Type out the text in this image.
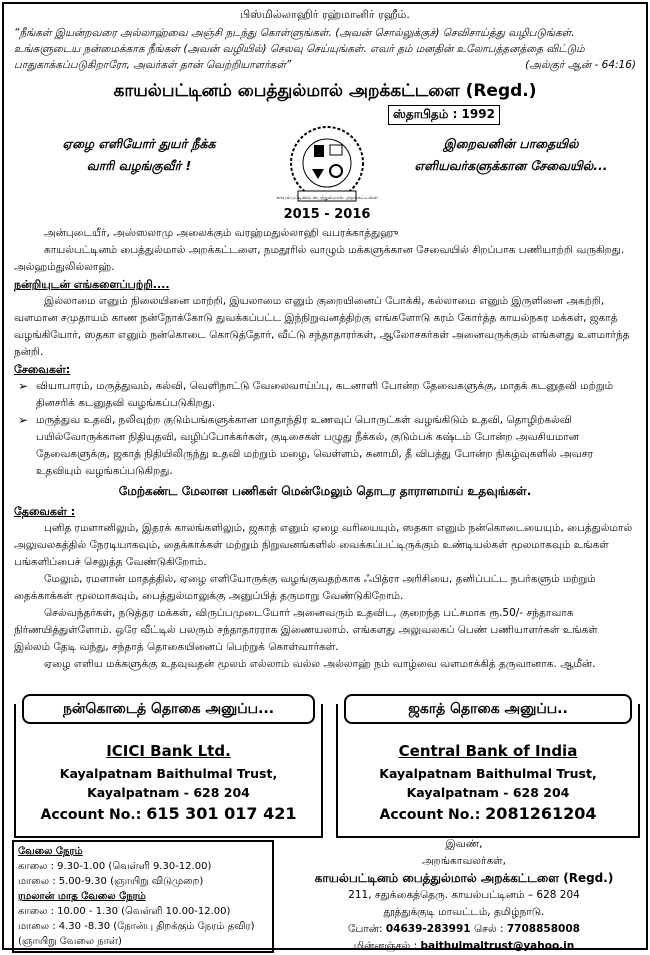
பிஸ்மில்லாஹிர் ரஹ்மானிர் ரஹீம்.
“நீங்கள் இயன்றவரை அல்லாஹ்வை அஞ்சி நடந்து கொள்ளுங்கள். (அவன் சொல்லுக்குச்) செவிசாய்த்து வழிபடுங்கள். உங்களுடைய நன்மைக்காக நீங்கள் (அவன் வழியில்) செலவு செய்யுங்கள். எவர் தம் மனதின் உலோபத்தனத்தை விட்டும் பாதுகாக்கப்படுகிறாரோ, அவர்கள் தான் வெற்றியாளர்கள்”	(அல்குர் ஆன் - 64:16)
காயல்பட்டினம் பைத்துல்மால் அறக்கட்டளை (Regd.)
ஸ்தாபிதம் : 1992
ஏழை எளியோர் துயர் நீக்க
வாரி வழங்குவீர் !
காயல்பட்டினம் பைத்துல்மால் அறக்கட்டளை
இறைவனின் பாதையில்
எளியவர்களுக்கான சேவையில்...
2015 - 2016

அன்புடையீர், அஸ்ஸலாமு அலைக்கும் வரஹ்மதுல்லாஹி வபரக்காத்துஹு

காயல்பட்டினம் பைத்துல்மால் அறக்கட்டளை, நமதூரில் வாழும் மக்களுக்கான சேவையில் சிறப்பாக பணியாற்றி வருகிறது. அல்ஹம்துலில்லாஹ்.

நன்றியுடன் எங்களைப்பற்றி....

இல்லாமை எனும் நிலையினை மாற்றி, இயலாமை எனும் குறையினைப் போக்கி, கல்லாமை எனும் இருளினை அகற்றி, வளமான சமுதாயம் காண நன்நோக்கோடு துவக்கப்பட்ட இந்நிறுவனத்திற்கு எங்களோடு கரம் கோர்த்த காயல்நகர மக்கள், ஜகாத் வழங்கியோர், ஸதகா எனும் நன்கொடை கொடுத்தோர், வீட்டு சந்தாதாரர்கள், ஆலோசகர்கள் அனைவருக்கும் எங்களது உளமார்ந்த நன்றி.

சேவைகள்:
➢ வியாபாரம், மருத்துவம், கல்வி, வெளிநாட்டு வேலைவாய்ப்பு, கடனாளி போன்ற தேவைகளுக்கு, மாதக் கடனுதவி மற்றும் தினசரிக் கடனுதவி வழங்கப்படுகிறது.
➢ மருத்துவ உதவி, நலிவுற்ற குடும்பங்களுக்கான மாதாந்திர உணவுப் பொருட்கள் வழங்கிடும் உதவி, தொழிற்கல்வி பயில்வோருக்கான நிதியுதவி, வழிப்போக்கர்கள், குடிசைகள் பழுது நீக்கல், குடும்பக் கஷ்டம் போன்ற அவசியமான தேவைகளுக்கு, ஜகாத் நிதியிலிருந்து உதவி மற்றும் மழை, வெள்ளம், சுனாமி, தீ விபத்து போன்ற நிகழ்வுகளில் அவசர உதவியும் வழங்கப்படுகிறது.
மேற்கண்ட மேலான பணிகள் மென்மேலும் தொடர தாராளமாய் உதவுங்கள்.
தேவைகள் :

புனித ரமளானிலும், இதரக் காலங்களிலும், ஜகாத் எனும் ஏழை வரியையும், ஸதகா எனும் நன்கொடையையும், பைத்துல்மால் அலுவலகத்தில் நேரடியாகவும், தைக்காக்கள் மற்றும் நிறுவனங்களில் வைக்கப்பட்டிருக்கும் உண்டியல்கள் மூலமாகவும் உங்கள் பங்களிப்பைச் செலுத்த வேண்டுகிறோம்.

மேலும், ரமளான் மாதத்தில், ஏழை எளியோருக்கு வழங்குவதற்காக ஃபித்ரா அரிசியை, தனிப்பட்ட நபர்களும் மற்றும் தைக்காக்கள் மூலமாகவும், பைத்துல்மாலுக்கு அனுப்பித் தருமாறு வேண்டுகிறோம்.

செல்வந்தர்கள், நடுத்தர மக்கள், விருப்பமுடையோர் அனைவரும் உதவிட, குறைந்த பட்சமாக ரூ.50/- சந்தாவாக நிர்ணயித்துள்ளோம். ஒரே வீட்டில் பலரும் சந்தாதாரராக இணையலாம். எங்களது அலுவலகப் பெண் பணியாளர்கள் உங்கள் இல்லம் தேடி வந்து, சந்தாத் தொகையினைப் பெற்றுக் கொள்வார்கள்.

ஏழை எளிய மக்களுக்கு உதவுவதன் மூலம் எல்லாம் வல்ல அல்லாஹ் நம் வாழ்வை வளமாக்கித் தருவானாக. ஆமீன்.

நன்கொடைத் தொகை அனுப்ப...
ICICI Bank Ltd.
Kayalpatnam Baithulmal Trust,
Kayalpatnam - 628 204
Account No.: 615 301 017 421
ஜகாத் தொகை அனுப்ப..
Central Bank of India
Kayalpatnam Baithulmal Trust,
Kayalpatnam - 628 204
Account No.: 2081261204
வேலை நேரம்
காலை : 9.30-1.00 (வெள்ளி 9.30-12.00)
மாலை : 5.00-9.30 (ஞாயிறு விடுமுறை)
ரமலான் மாத வேலை நேரம்
காலை : 10.00 - 1.30 (வெள்ளி 10.00-12.00)
மாலை : 4.30 -8.30 (நோன்பு திறக்கும் நேரம் தவிர)
(ஞாயிறு வேலை நாள்)
இவண்,
அறங்காவலர்கள்,
காயல்பட்டினம் பைத்துல்மால் அறக்கட்டளை (Regd.)
211, சதுக்கைத்தெரு. காயல்பட்டினம் – 628 204
தூத்துக்குடி மாவட்டம், தமிழ்நாடு.
போன்: 04639-283991 செல் : 7708858008
மின்னஞ்சல் : baithulmaltrust@yahoo.in
